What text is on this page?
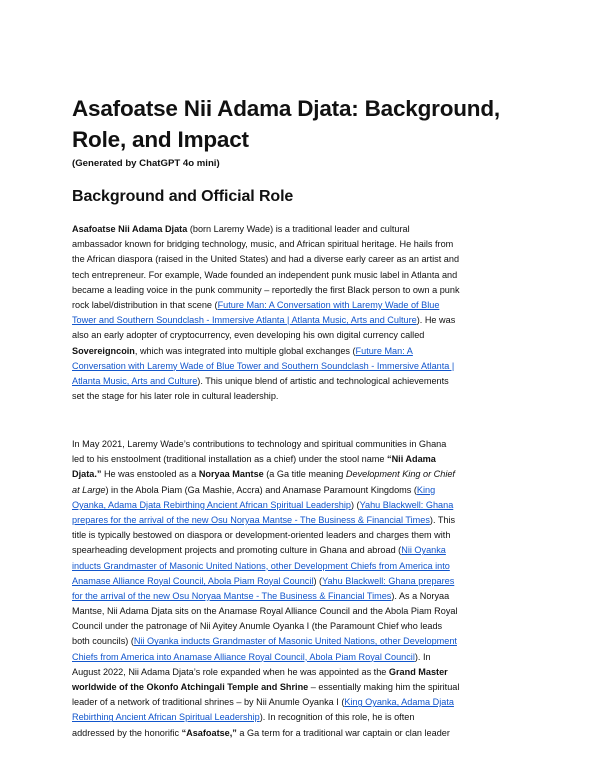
Asafoatse Nii Adama Djata: Background, Role, and Impact

(Generated by ChatGPT 4o mini)

Background and Official Role
Asafoatse Nii Adama Djata (born Laremy Wade) is a traditional leader and cultural
ambassador known for bridging technology, music, and African spiritual heritage. He hails from
the African diaspora (raised in the United States) and had a diverse early career as an artist and
tech entrepreneur. For example, Wade founded an independent punk music label in Atlanta and
became a leading voice in the punk community – reportedly the first Black person to own a punk
rock label/distribution in that scene (Future Man: A Conversation with Laremy Wade of Blue
Tower and Southern Soundclash - Immersive Atlanta | Atlanta Music, Arts and Culture). He was
also an early adopter of cryptocurrency, even developing his own digital currency called
Sovereigncoin, which was integrated into multiple global exchanges (Future Man: A
Conversation with Laremy Wade of Blue Tower and Southern Soundclash - Immersive Atlanta |
Atlanta Music, Arts and Culture). This unique blend of artistic and technological achievements
set the stage for his later role in cultural leadership.
In May 2021, Laremy Wade’s contributions to technology and spiritual communities in Ghana
led to his enstoolment (traditional installation as a chief) under the stool name “Nii Adama
Djata.” He was enstooled as a Noryaa Mantse (a Ga title meaning Development King or Chief
at Large) in the Abola Piam (Ga Mashie, Accra) and Anamase Paramount Kingdoms (King
Oyanka, Adama Djata Rebirthing Ancient African Spiritual Leadership) (Yahu Blackwell: Ghana
prepares for the arrival of the new Osu Noryaa Mantse - The Business & Financial Times). This
title is typically bestowed on diaspora or development-oriented leaders and charges them with
spearheading development projects and promoting culture in Ghana and abroad (Nii Oyanka
inducts Grandmaster of Masonic United Nations, other Development Chiefs from America into
Anamase Alliance Royal Council, Abola Piam Royal Council) (Yahu Blackwell: Ghana prepares
for the arrival of the new Osu Noryaa Mantse - The Business & Financial Times). As a Noryaa
Mantse, Nii Adama Djata sits on the Anamase Royal Alliance Council and the Abola Piam Royal
Council under the patronage of Nii Ayitey Anumle Oyanka I (the Paramount Chief who leads
both councils) (Nii Oyanka inducts Grandmaster of Masonic United Nations, other Development
Chiefs from America into Anamase Alliance Royal Council, Abola Piam Royal Council). In
August 2022, Nii Adama Djata’s role expanded when he was appointed as the Grand Master
worldwide of the Okonfo Atchingali Temple and Shrine – essentially making him the spiritual
leader of a network of traditional shrines – by Nii Anumle Oyanka I (King Oyanka, Adama Djata
Rebirthing Ancient African Spiritual Leadership). In recognition of this role, he is often
addressed by the honorific “Asafoatse,” a Ga term for a traditional war captain or clan leader
